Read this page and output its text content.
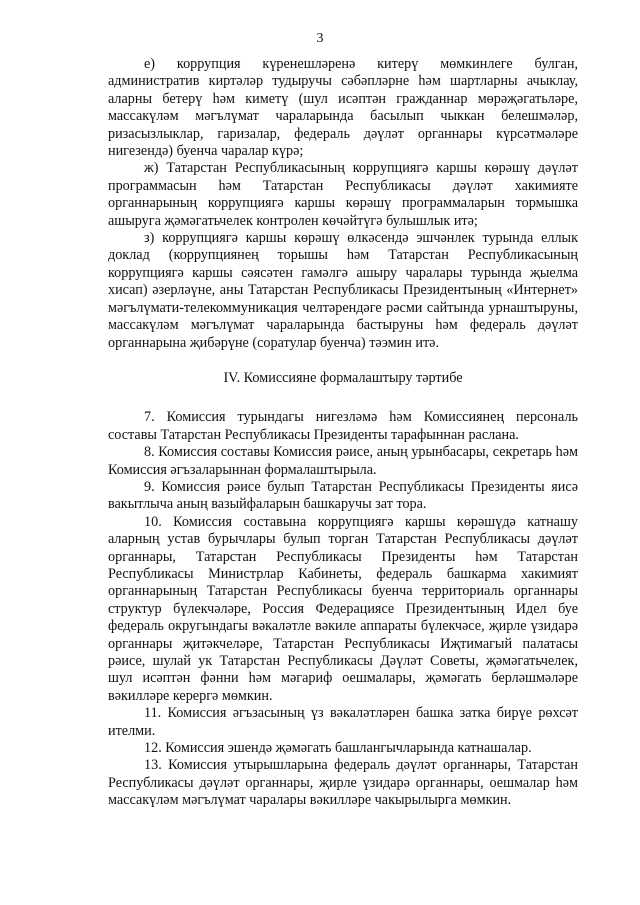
3

е) коррупция күренешләренә китерү мөмкинлеге булган, административ киртәләр тудыручы сәбәпләрне һәм шартларны ачыклау, аларны бетерү һәм киметү (шул исәптән гражданнар мөрәҗәгатьләре, массакүләм мәгълүмат чараларында басылып чыккан белешмәләр, ризасызлыклар, гаризалар, федераль дәүләт органнары күрсәтмәләре нигезендә) буенча чаралар күрә;

ж) Татарстан Республикасының коррупциягә каршы көрәшү дәүләт программасын һәм Татарстан Республикасы дәүләт хакимияте органнарының коррупциягә каршы көрәшү программаларын тормышка ашыруга җәмәгатьчелек контролен көчәйтүгә булышлык итә;

з) коррупциягә каршы көрәшү өлкәсендә эшчәнлек турында еллык доклад (коррупциянең торышы һәм Татарстан Республикасының коррупциягә каршы сәясәтен гамәлгә ашыру чаралары турында җыелма хисап) әзерләүне, аны Татарстан Республикасы Президентының «Интернет» мәгълүмати-телекоммуникация челтәрендәге рәсми сайтында урнаштыруны, массакүләм мәгълүмат чараларында бастыруны һәм федераль дәүләт органнарына җибәрүне (соратулар буенча) тәэмин итә.

IV. Комиссияне формалаштыру тәртибе

7. Комиссия турындагы нигезләмә һәм Комиссиянең персональ составы Татарстан Республикасы Президенты тарафыннан раслана.

8. Комиссия составы Комиссия рәисе, аның урынбасары, секретарь һәм Комиссия әгъзаларыннан формалаштырыла.

9. Комиссия рәисе булып Татарстан Республикасы Президенты яисә вакытлыча аның вазыйфаларын башкаручы зат тора.

10. Комиссия составына коррупциягә каршы көрәшүдә катнашу аларның устав бурычлары булып торган Татарстан Республикасы дәүләт органнары, Татарстан Республикасы Президенты һәм Татарстан Республикасы Министрлар Кабинеты, федераль башкарма хакимият органнарының Татарстан Республикасы буенча территориаль органнары структур бүлекчәләре, Россия Федерациясе Президентының Идел буе федераль округындагы вәкаләтле вәкиле аппараты бүлекчәсе, җирле үзидарә органнары җитәкчеләре, Татарстан Республикасы Иҗтимагый палатасы рәисе, шулай ук Татарстан Республикасы Дәүләт Советы, җәмәгатьчелек, шул исәптән фәнни һәм мәгариф оешмалары, җәмәгать берләшмәләре вәкилләре керергә мөмкин.

11. Комиссия әгъзасының үз вәкаләтләрен башка затка бирүе рөхсәт ителми.

12. Комиссия эшендә җәмәгать башлангычларында катнашалар.

13. Комиссия утырышларына федераль дәүләт органнары, Татарстан Республикасы дәүләт органнары, җирле үзидарә органнары, оешмалар һәм массакүләм мәгълүмат чаралары вәкилләре чакырылырга мөмкин.
